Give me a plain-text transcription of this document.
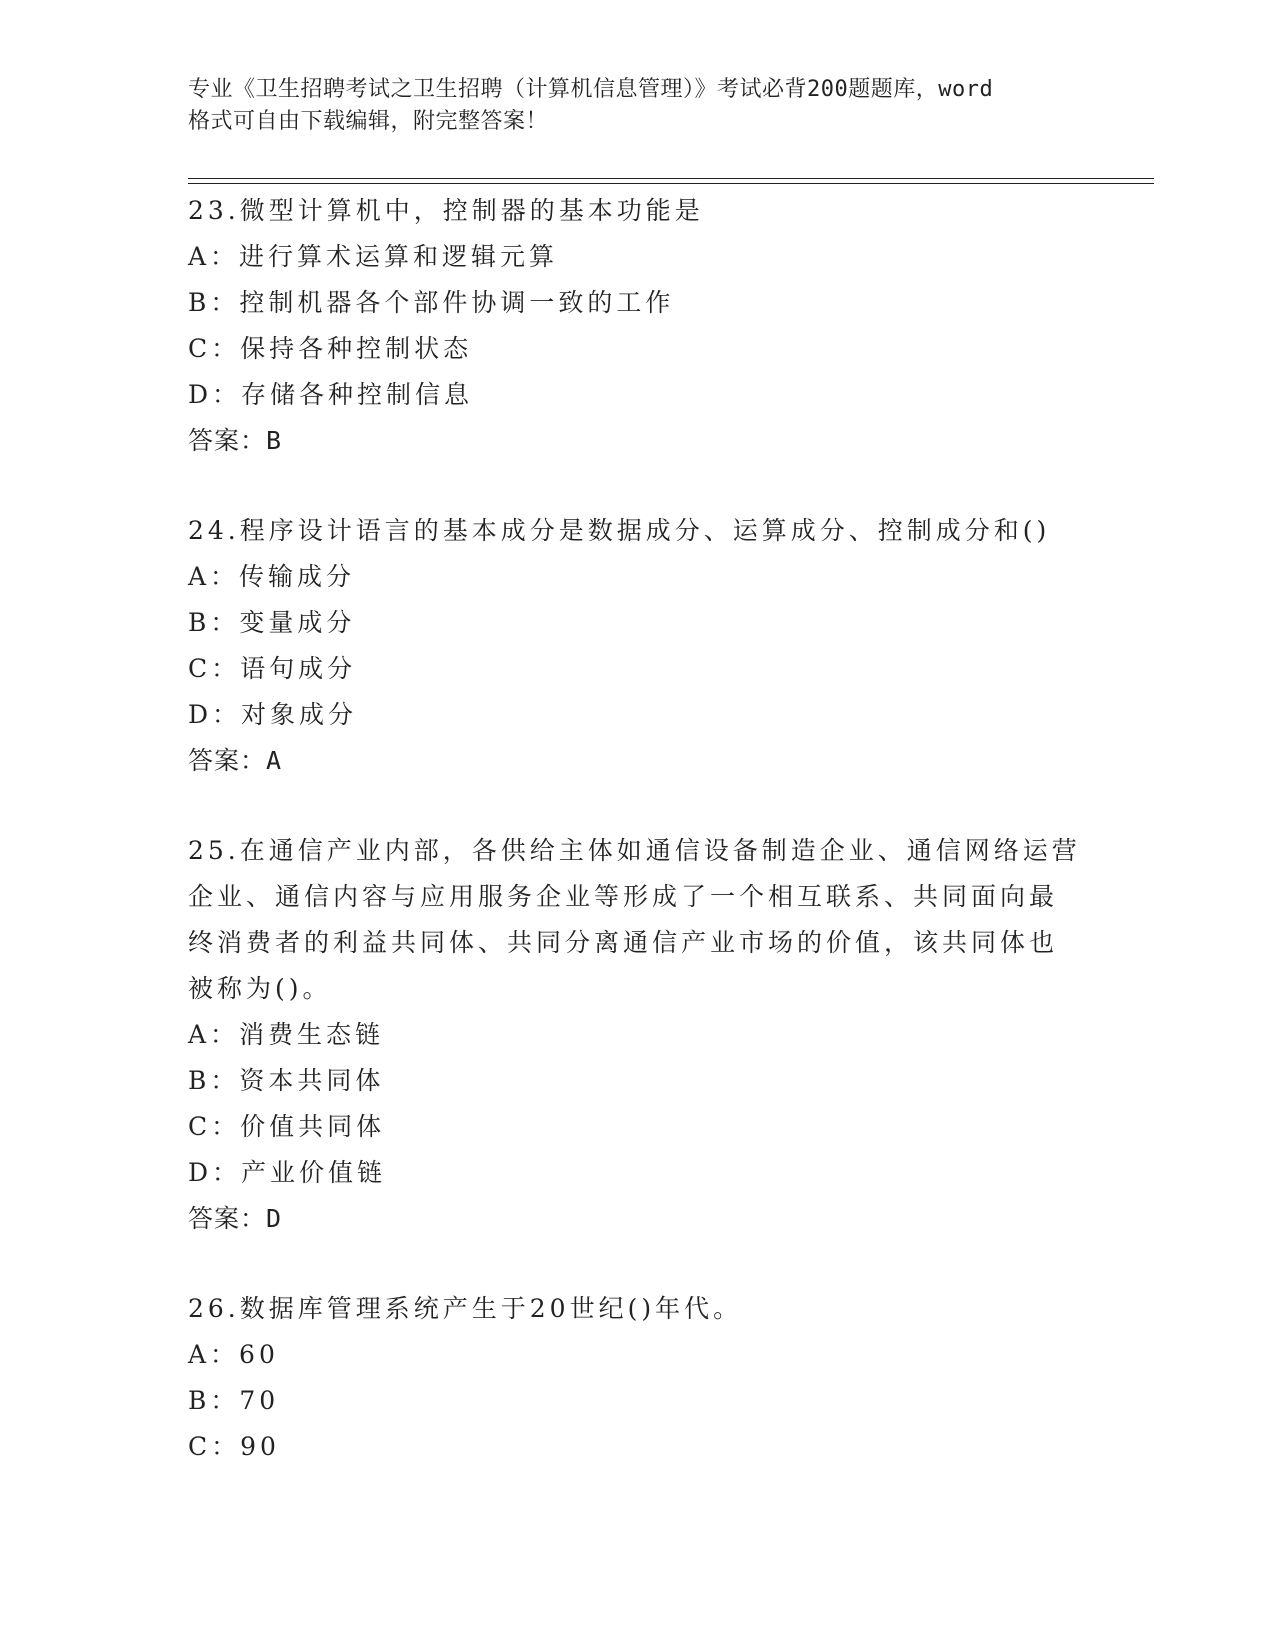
专业《卫生招聘考试之卫生招聘（计算机信息管理）》考试必背200题题库，word
格式可自由下载编辑，附完整答案！
23.微型计算机中，控制器的基本功能是
A：进行算术运算和逻辑元算
B：控制机器各个部件协调一致的工作
C：保持各种控制状态
D：存储各种控制信息
答案：B
24.程序设计语言的基本成分是数据成分、运算成分、控制成分和()
A：传输成分
B：变量成分
C：语句成分
D：对象成分
答案：A
25.在通信产业内部，各供给主体如通信设备制造企业、通信网络运营
企业、通信内容与应用服务企业等形成了一个相互联系、共同面向最
终消费者的利益共同体、共同分离通信产业市场的价值，该共同体也
被称为()。
A：消费生态链
B：资本共同体
C：价值共同体
D：产业价值链
答案：D
26.数据库管理系统产生于20世纪()年代。
A：60
B：70
C：90
